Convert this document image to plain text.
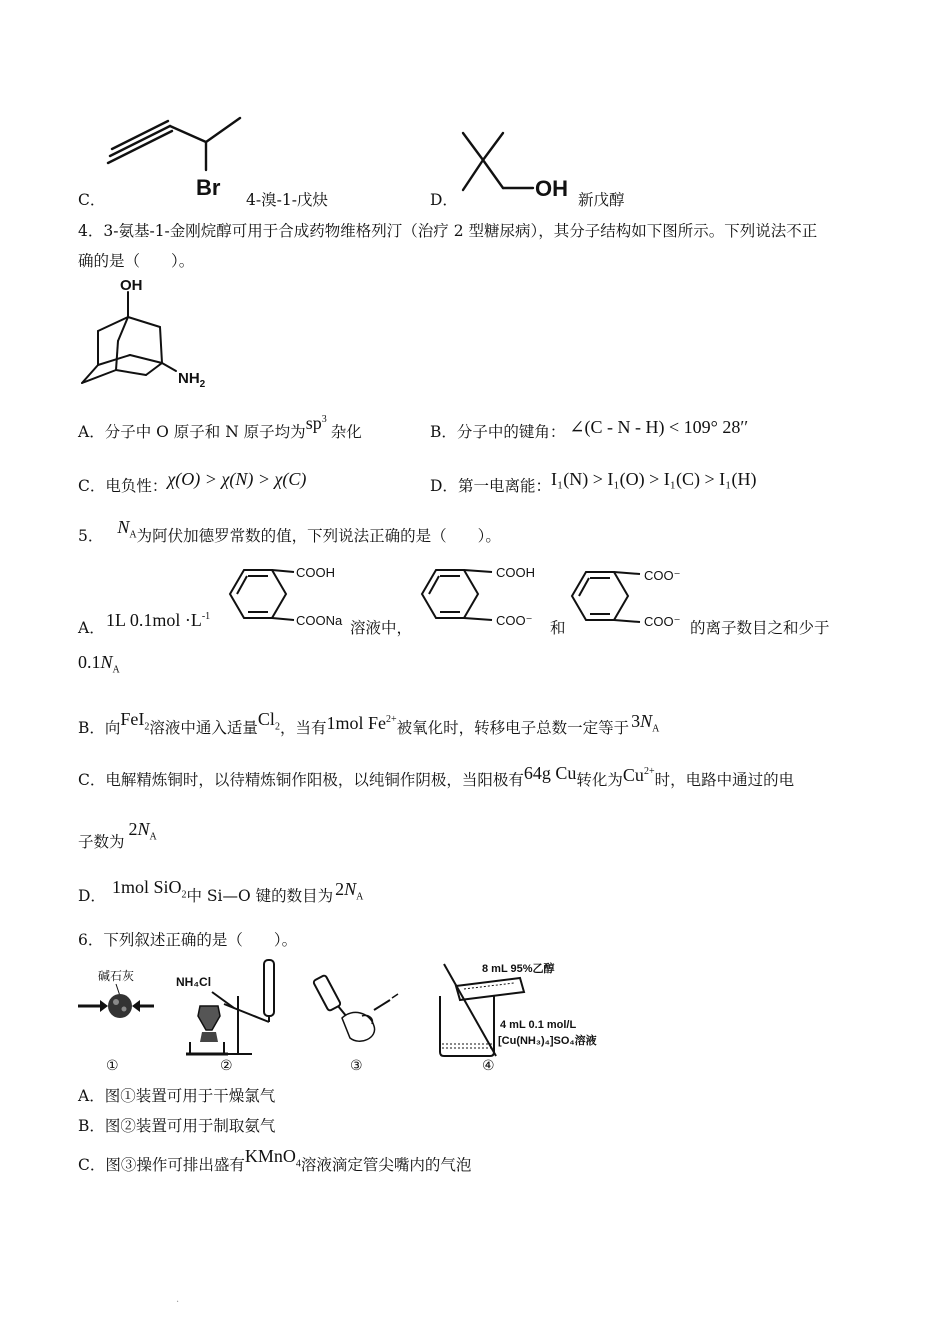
Br
C．	4-溴-1-戊炔	OH
D．	新戊醇
4．3-氨基-1-金刚烷醇可用于合成药物维格列汀（治疗 2 型糖尿病），其分子结构如下图所示。下列说法不正
确的是（　　）。
OH
$NH_2$
A．分子中 O 原子和 N 原子均为$sp^3$杂化	B．分子中的键角： ∠(C - N - H) < 109° 28′′
C．电负性：χ(O) > χ(N) > χ(C)	D．第一电离能：I₁(N) > I₁(O) > I₁(C) > I₁(H)
5． $N_A$为阿伏加德罗常数的值，下列说法正确的是（　　）。
A． 1L $0.1mol \cdot L^{-1}$
COOH
COONa 溶液中，
COOH
COO⁻ 和
COO⁻
COO⁻ 的离子数目之和少于
$0.1N_A$
B．向FeI$_2$溶液中通入适量$Cl_2$，当有1mol $Fe^{2+}$被氧化时，转移电子总数一定等于 $3N_A$
C．电解精炼铜时，以待精炼铜作阳极，以纯铜作阴极，当阳极有64g Cu转化为$Cu^{2+}$时，电路中通过的电
子数为$2N_A$
D． 1mol SiO$_2$中 Si—O 键的数目为 $2N_A$
6．下列叙述正确的是（　　）。
碱石灰
①
NH₄Cl
②	③
8 mL 95%乙醇
4 mL 0.1 mol/L
[Cu(NH₃)₄]SO₄溶液
④
A．图①装置可用于干燥氯气
B．图②装置可用于制取氨气
C．图③操作可排出盛有KMnO$_4$溶液滴定管尖嘴内的气泡
.
